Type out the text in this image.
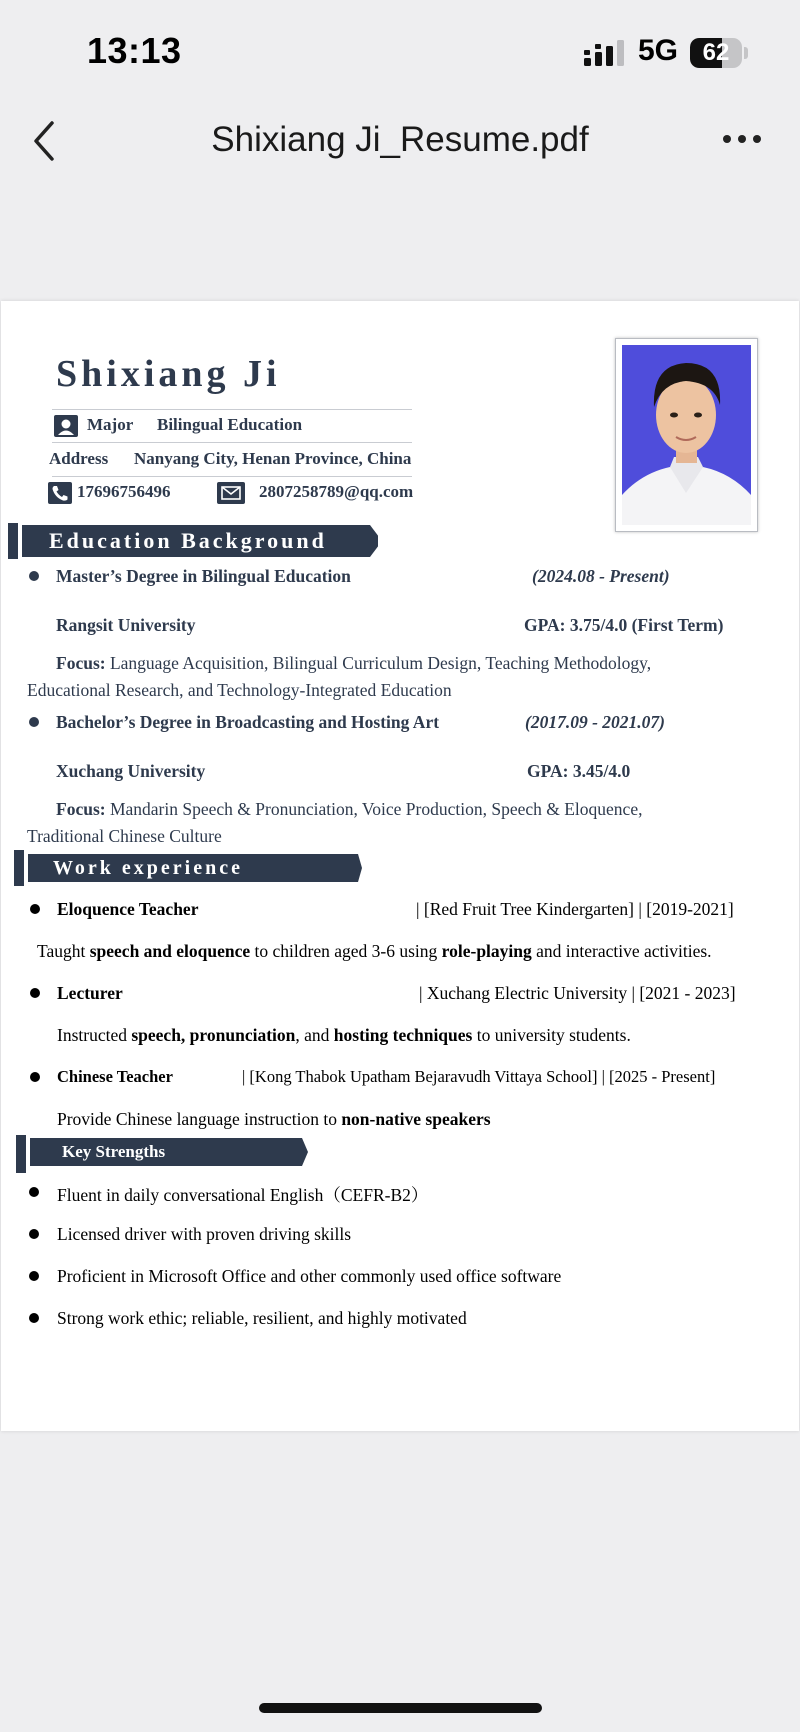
13:13	5G	62
Shixiang Ji_Resume.pdf
Shixiang Ji
Major Bilingual Education
Address Nanyang City, Henan Province, China
17696756496	2807258789@qq.com
Education Background
Master’s Degree in Bilingual Education	(2024.08 - Present)
Rangsit University	GPA: 3.75/4.0 (First Term)
Focus: Language Acquisition, Bilingual Curriculum Design, Teaching Methodology,
Educational Research, and Technology-Integrated Education
Bachelor’s Degree in Broadcasting and Hosting Art	(2017.09 - 2021.07)
Xuchang University	GPA: 3.45/4.0
Focus: Mandarin Speech & Pronunciation, Voice Production, Speech & Eloquence,
Traditional Chinese Culture
Work experience
Eloquence Teacher	| [Red Fruit Tree Kindergarten] | [2019-2021]
Taught speech and eloquence to children aged 3-6 using role-playing and interactive activities.
Lecturer	| Xuchang Electric University | [2021 - 2023]
Instructed speech, pronunciation, and hosting techniques to university students.
Chinese Teacher	| [Kong Thabok Upatham Bejaravudh Vittaya School] | [2025 - Present]
Provide Chinese language instruction to non-native speakers
Key Strengths
Fluent in daily conversational English（CEFR-B2）
Licensed driver with proven driving skills
Proficient in Microsoft Office and other commonly used office software
Strong work ethic; reliable, resilient, and highly motivated
